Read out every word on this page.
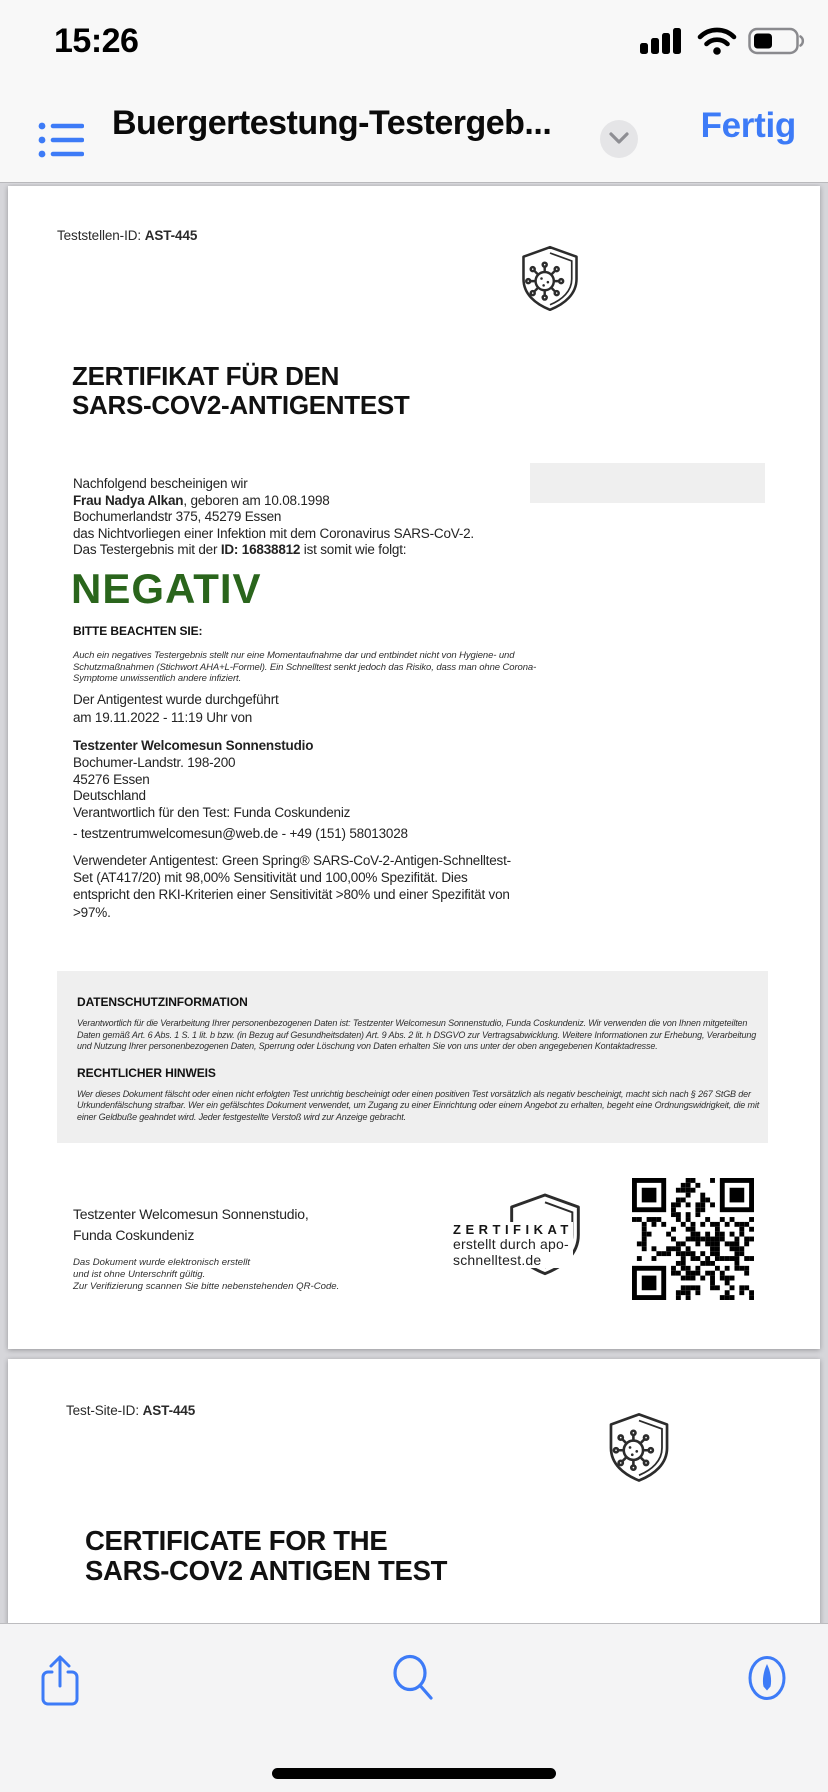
15:26
Buergertestung-Testergeb...	Fertig
Teststellen-ID: AST-445
ZERTIFIKAT FÜR DEN
SARS-COV2-ANTIGENTEST
Nachfolgend bescheinigen wir
Frau Nadya Alkan, geboren am 10.08.1998
Bochumerlandstr 375, 45279 Essen
das Nichtvorliegen einer Infektion mit dem Coronavirus SARS-CoV-2.
Das Testergebnis mit der ID: 16838812 ist somit wie folgt:
NEGATIV
BITTE BEACHTEN SIE:
Auch ein negatives Testergebnis stellt nur eine Momentaufnahme dar und entbindet nicht von Hygiene- und
Schutzmaßnahmen (Stichwort AHA+L-Formel). Ein Schnelltest senkt jedoch das Risiko, dass man ohne Corona-
Symptome unwissentlich andere infiziert.
Der Antigentest wurde durchgeführt
am 19.11.2022 - 11:19 Uhr von
Testzenter Welcomesun Sonnenstudio
Bochumer-Landstr. 198-200
45276 Essen
Deutschland
Verantwortlich für den Test: Funda Coskundeniz
- testzentrumwelcomesun@web.de - +49 (151) 58013028
Verwendeter Antigentest: Green Spring® SARS-CoV-2-Antigen-Schnelltest-
Set (AT417/20) mit 98,00% Sensitivität und 100,00% Spezifität. Dies
entspricht den RKI-Kriterien einer Sensitivität >80% und einer Spezifität von
>97%.
DATENSCHUTZINFORMATION
Verantwortlich für die Verarbeitung Ihrer personenbezogenen Daten ist: Testzenter Welcomesun Sonnenstudio, Funda Coskundeniz. Wir verwenden die von Ihnen mitgeteilten
Daten gemäß Art. 6 Abs. 1 S. 1 lit. b bzw. (in Bezug auf Gesundheitsdaten) Art. 9 Abs. 2 lit. h DSGVO zur Vertragsabwicklung. Weitere Informationen zur Erhebung, Verarbeitung
und Nutzung Ihrer personenbezogenen Daten, Sperrung oder Löschung von Daten erhalten Sie von uns unter der oben angegebenen Kontaktadresse.
RECHTLICHER HINWEIS
Wer dieses Dokument fälscht oder einen nicht erfolgten Test unrichtig bescheinigt oder einen positiven Test vorsätzlich als negativ bescheinigt, macht sich nach § 267 StGB der
Urkundenfälschung strafbar. Wer ein gefälschtes Dokument verwendet, um Zugang zu einer Einrichtung oder einem Angebot zu erhalten, begeht eine Ordnungswidrigkeit, die mit
einer Geldbuße geahndet wird. Jeder festgestellte Verstoß wird zur Anzeige gebracht.
Testzenter Welcomesun Sonnenstudio,
Funda Coskundeniz
Das Dokument wurde elektronisch erstellt
und ist ohne Unterschrift gültig.
Zur Verifizierung scannen Sie bitte nebenstehenden QR-Code.
ZERTIFIKAT
erstellt durch apo-
schnelltest.de
Test-Site-ID: AST-445
CERTIFICATE FOR THE
SARS-COV2 ANTIGEN TEST
